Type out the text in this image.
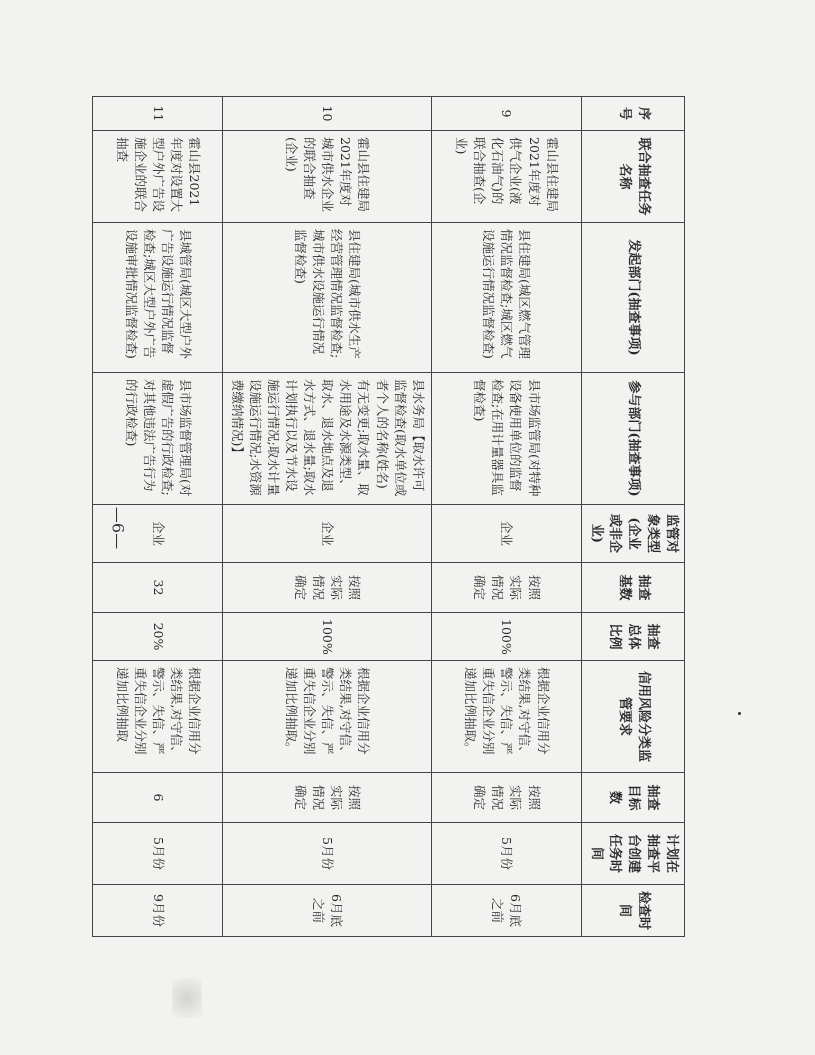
—6—
序号	联合抽查任务名称	发起部门(抽查事项)	参与部门(抽查事项)	监管对象类型(企业或非企业)	抽查基数	抽查总体比例	信用风险分类监管要求	抽查目标数	计划在抽查平台创建任务时间	检查时间
9	霍山县住建局2021年度对供气企业(液化石油气)的联合抽查(企业)	县住建局(城区燃气管理情况监督检查;城区燃气设施运行情况监督检查)	县市场监管局(对特种设备使用单位的监督检查;在用计量器具监督检查)	企业	按照实际情况确定	100%	根据企业信用分类结果,对守信、警示、失信、严重失信企业分别递加比例抽取。	按照实际情况确定	5月份	6月底之前
10	霍山县住建局2021年度对城市供水企业的联合抽查(企业)	县住建局(城市供水生产经营管理情况监督检查;城市供水设施运行情况监督检查)	县水务局【取水许可监督检查(取水单位或者个人的名称(姓名)有无变更;取水量、取水用途及水源类型、取水、退水地点及退水方式、退水量;取水计划执行以及节水设施运行情况;取水计量设施运行情况;水资源费缴纳情况)】	企业	按照实际情况确定	100%	根据企业信用分类结果,对守信、警示、失信、严重失信企业分别递加比例抽取。	按照实际情况确定	5月份	6月底之前
11	霍山县2021年度对设置大型户外广告设施企业的联合抽查	县城管局(城区大型户外广告设施运行情况监督检查;城区大型户外广告设施审批情况监督检查)	县市场监督管理局(对虚假广告的行政检查;对其他违法广告行为的行政检查)	企业	32	20%	根据企业信用分类结果,对守信、警示、失信、严重失信企业分别递加比例抽取	6	5月份	9月份
